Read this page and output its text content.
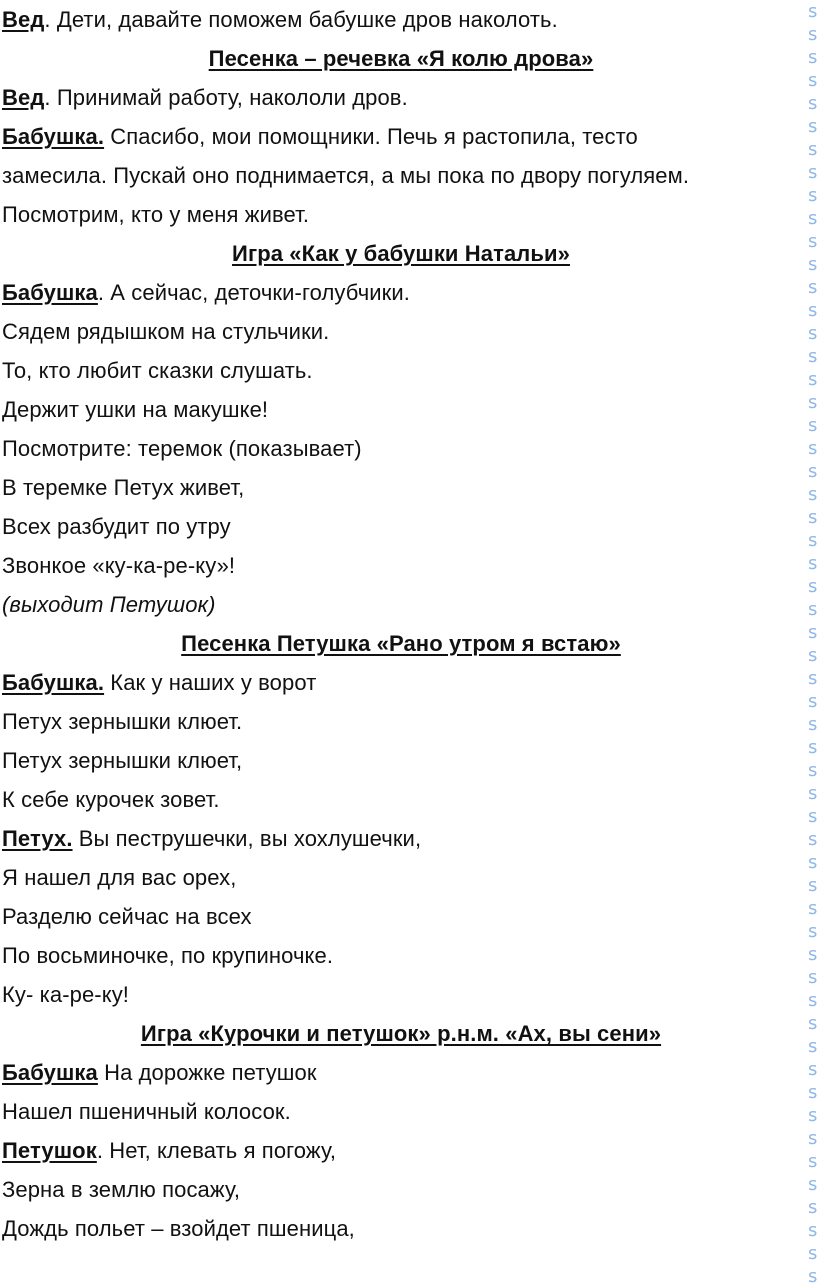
Вед. Дети, давайте поможем бабушке дров наколоть.
Песенка – речевка «Я колю дрова»
Вед. Принимай работу, накололи дров.
Бабушка. Спасибо, мои помощники. Печь я растопила, тесто
замесила. Пускай оно поднимается, а мы пока по двору погуляем.
Посмотрим, кто у меня живет.
Игра «Как у бабушки Натальи»
Бабушка. А сейчас, деточки-голубчики.
Сядем рядышком на стульчики.
То, кто любит сказки слушать.
Держит ушки на макушке!
Посмотрите: теремок (показывает)
В теремке Петух живет,
Всех разбудит по утру
Звонкое «ку-ка-ре-ку»!
(выходит Петушок)
Песенка Петушка «Рано утром я встаю»
Бабушка. Как у наших у ворот
Петух зернышки клюет.
Петух зернышки клюет,
К себе курочек зовет.
Петух. Вы пеструшечки, вы хохлушечки,
Я нашел для вас орех,
Разделю сейчас на всех
По восьминочке, по крупиночке.
Ку- ка-ре-ку!
Игра «Курочки и петушок» р.н.м. «Ах, вы сени»
Бабушка На дорожке петушок
Нашел пшеничный колосок.
Петушок. Нет, клевать я погожу,
Зерна в землю посажу,
Дождь польет – взойдет пшеница,
s s s s s s s s s s s s s s s s s s s s s s s s s s s s s s s s s s s s s s s s s s s s s s s s s s s s s s s s
